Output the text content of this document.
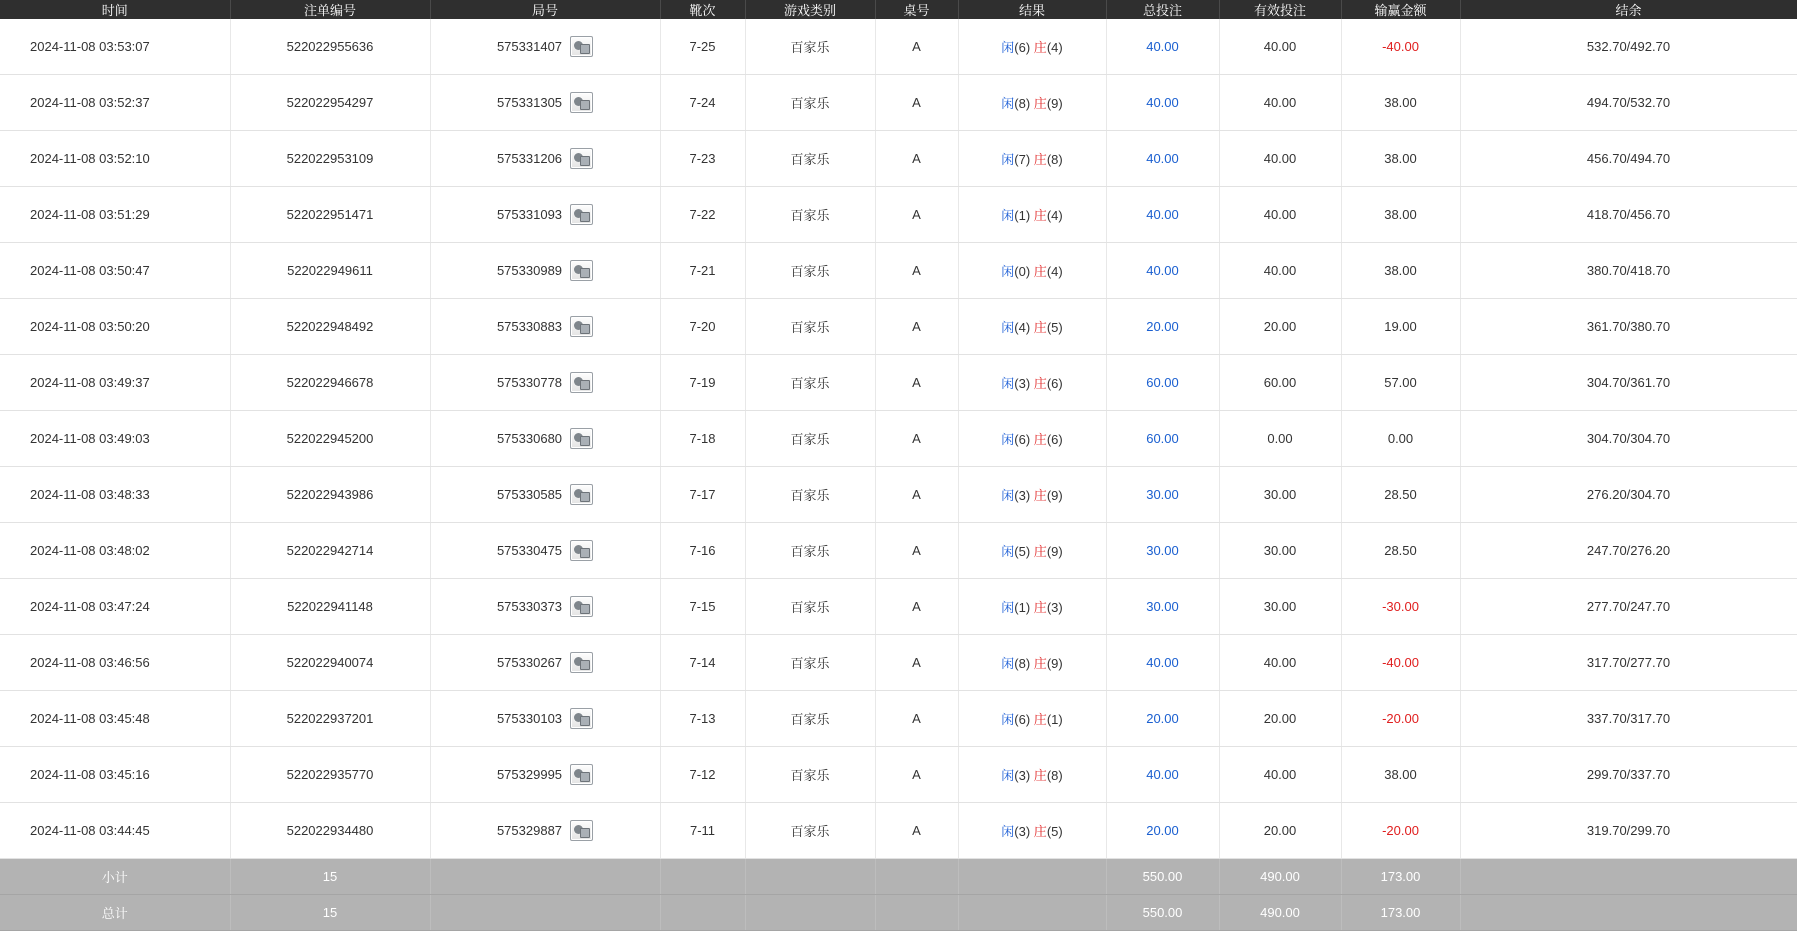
时间	注单编号	局号	靴次	游戏类别	桌号	结果	总投注	有效投注	输赢金额	结余
2024-11-08 03:53:07	522022955636	575331407	7-25	百家乐	A	闲(6) 庄(4)	40.00	40.00	-40.00	532.70/492.70
2024-11-08 03:52:37	522022954297	575331305	7-24	百家乐	A	闲(8) 庄(9)	40.00	40.00	38.00	494.70/532.70
2024-11-08 03:52:10	522022953109	575331206	7-23	百家乐	A	闲(7) 庄(8)	40.00	40.00	38.00	456.70/494.70
2024-11-08 03:51:29	522022951471	575331093	7-22	百家乐	A	闲(1) 庄(4)	40.00	40.00	38.00	418.70/456.70
2024-11-08 03:50:47	522022949611	575330989	7-21	百家乐	A	闲(0) 庄(4)	40.00	40.00	38.00	380.70/418.70
2024-11-08 03:50:20	522022948492	575330883	7-20	百家乐	A	闲(4) 庄(5)	20.00	20.00	19.00	361.70/380.70
2024-11-08 03:49:37	522022946678	575330778	7-19	百家乐	A	闲(3) 庄(6)	60.00	60.00	57.00	304.70/361.70
2024-11-08 03:49:03	522022945200	575330680	7-18	百家乐	A	闲(6) 庄(6)	60.00	0.00	0.00	304.70/304.70
2024-11-08 03:48:33	522022943986	575330585	7-17	百家乐	A	闲(3) 庄(9)	30.00	30.00	28.50	276.20/304.70
2024-11-08 03:48:02	522022942714	575330475	7-16	百家乐	A	闲(5) 庄(9)	30.00	30.00	28.50	247.70/276.20
2024-11-08 03:47:24	522022941148	575330373	7-15	百家乐	A	闲(1) 庄(3)	30.00	30.00	-30.00	277.70/247.70
2024-11-08 03:46:56	522022940074	575330267	7-14	百家乐	A	闲(8) 庄(9)	40.00	40.00	-40.00	317.70/277.70
2024-11-08 03:45:48	522022937201	575330103	7-13	百家乐	A	闲(6) 庄(1)	20.00	20.00	-20.00	337.70/317.70
2024-11-08 03:45:16	522022935770	575329995	7-12	百家乐	A	闲(3) 庄(8)	40.00	40.00	38.00	299.70/337.70
2024-11-08 03:44:45	522022934480	575329887	7-11	百家乐	A	闲(3) 庄(5)	20.00	20.00	-20.00	319.70/299.70
小计	15						550.00	490.00	173.00	
总计	15						550.00	490.00	173.00	
